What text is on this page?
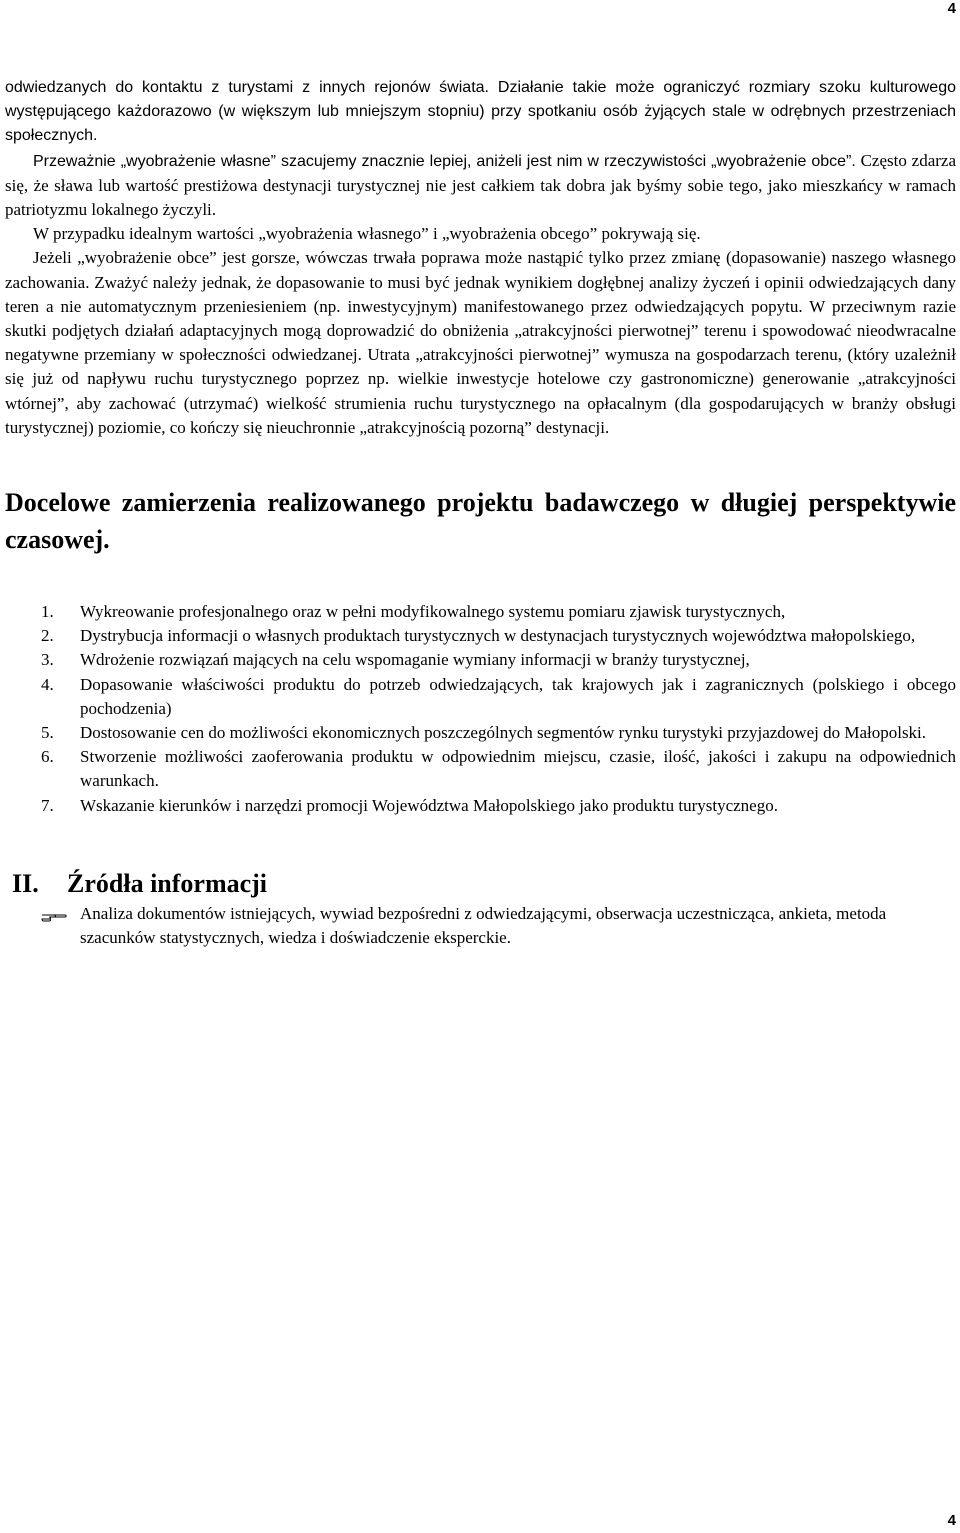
4

odwiedzanych do kontaktu z turystami z innych rejonów świata. Działanie takie może ograniczyć rozmiary szoku kulturowego występującego każdorazowo (w większym lub mniejszym stopniu) przy spotkaniu osób żyjących stale w odrębnych przestrzeniach społecznych.

Przeważnie „wyobrażenie własne” szacujemy znacznie lepiej, aniżeli jest nim w rzeczywistości „wyobrażenie obce”. Często zdarza się, że sława lub wartość prestiżowa destynacji turystycznej nie jest całkiem tak dobra jak byśmy sobie tego, jako mieszkańcy w ramach patriotyzmu lokalnego życzyli.

W przypadku idealnym wartości „wyobrażenia własnego” i „wyobrażenia obcego” pokrywają się.

Jeżeli „wyobrażenie obce” jest gorsze, wówczas trwała poprawa może nastąpić tylko przez zmianę (dopasowanie) naszego własnego zachowania. Zważyć należy jednak, że dopasowanie to musi być jednak wynikiem dogłębnej analizy życzeń i opinii odwiedzających dany teren a nie automatycznym przeniesieniem (np. inwestycyjnym) manifestowanego przez odwiedzających popytu. W przeciwnym razie skutki podjętych działań adaptacyjnych mogą doprowadzić do obniżenia „atrakcyjności pierwotnej” terenu i spowodować nieodwracalne negatywne przemiany w społeczności odwiedzanej. Utrata „atrakcyjności pierwotnej” wymusza na gospodarzach terenu, (który uzależnił się już od napływu ruchu turystycznego poprzez np. wielkie inwestycje hotelowe czy gastronomiczne) generowanie „atrakcyjności wtórnej”, aby zachować (utrzymać) wielkość strumienia ruchu turystycznego na opłacalnym (dla gospodarujących w branży obsługi turystycznej) poziomie, co kończy się nieuchronnie „atrakcyjnością pozorną” destynacji.

Docelowe zamierzenia realizowanego projektu badawczego w długiej perspektywie czasowej.
1. Wykreowanie profesjonalnego oraz w pełni modyfikowalnego systemu pomiaru zjawisk turystycznych,
2. Dystrybucja informacji o własnych produktach turystycznych w destynacjach turystycznych województwa małopolskiego,
3. Wdrożenie rozwiązań mających na celu wspomaganie wymiany informacji w branży turystycznej,
4. Dopasowanie właściwości produktu do potrzeb odwiedzających, tak krajowych jak i zagranicznych (polskiego i obcego pochodzenia)
5. Dostosowanie cen do możliwości ekonomicznych poszczególnych segmentów rynku turystyki przyjazdowej do Małopolski.
6. Stworzenie możliwości zaoferowania produktu w odpowiednim miejscu, czasie, ilość, jakości i zakupu na odpowiednich warunkach.
7. Wskazanie kierunków i narzędzi promocji Województwa Małopolskiego jako produktu turystycznego.
II. Źródła informacji
Analiza dokumentów istniejących, wywiad bezpośredni z odwiedzającymi, obserwacja uczestnicząca, ankieta, metoda szacunków statystycznych, wiedza i doświadczenie eksperckie.
4
